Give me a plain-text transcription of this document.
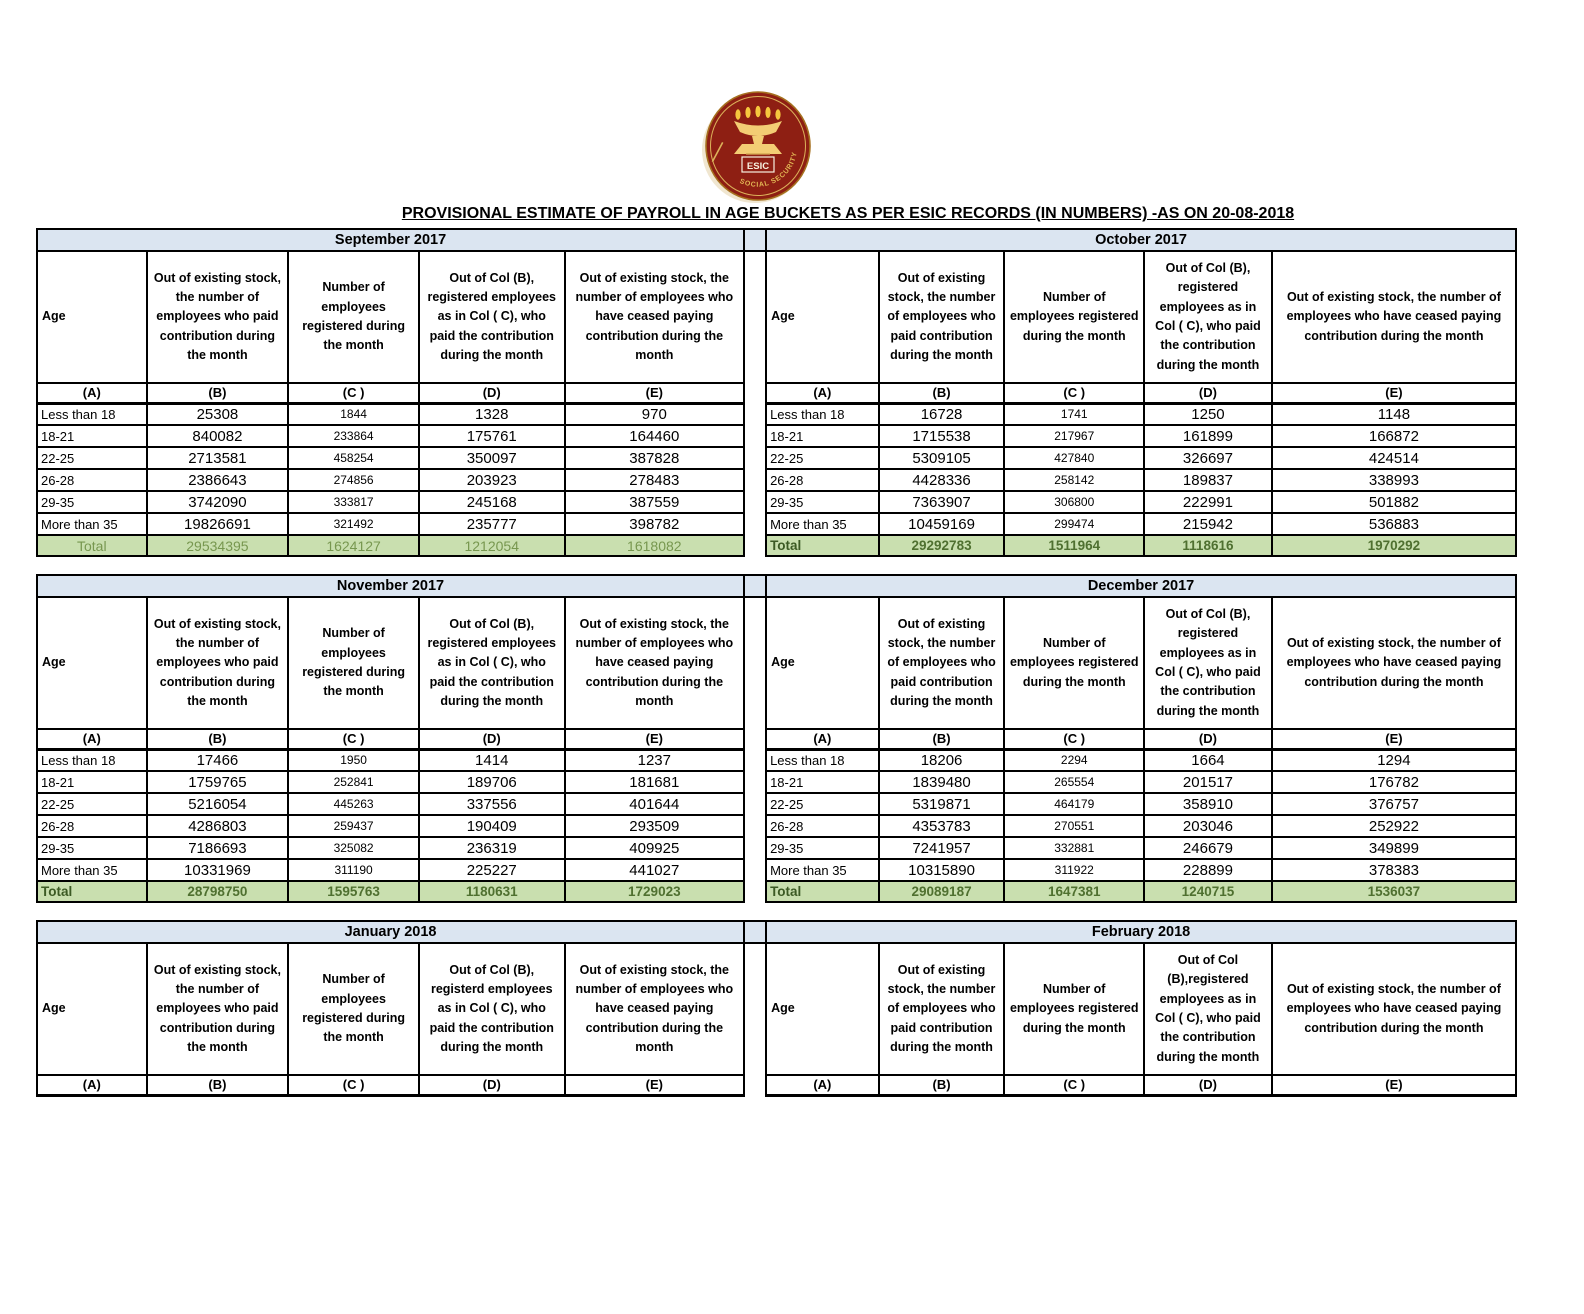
ESIC
SOCIAL SECURITY
PROVISIONAL ESTIMATE OF PAYROLL IN AGE BUCKETS AS PER ESIC RECORDS (IN NUMBERS) -AS ON 20-08-2018
September 2017				
Age	Out of existing stock, the number of employees who paid contribution during the month	Number of employees registered during the month	Out of Col (B), registered employees as in Col ( C), who paid the contribution during the month	Out of existing stock, the number of employees who have ceased paying contribution during the month
(A)	(B)	(C )	(D)	(E)
Less than 18	25308	1844	1328	970
18-21	840082	233864	175761	164460
22-25	2713581	458254	350097	387828
26-28	2386643	274856	203923	278483
29-35	3742090	333817	245168	387559
More than 35	19826691	321492	235777	398782
Total	29534395	1624127	1212054	1618082
October 2017				
Age	Out of existing stock, the number of employees who paid contribution during the month	Number of employees registered during the month	Out of Col (B), registered employees as in Col ( C), who paid the contribution during the month	Out of existing stock, the number of employees who have ceased paying contribution during the month
(A)	(B)	(C )	(D)	(E)
Less than 18	16728	1741	1250	1148
18-21	1715538	217967	161899	166872
22-25	5309105	427840	326697	424514
26-28	4428336	258142	189837	338993
29-35	7363907	306800	222991	501882
More than 35	10459169	299474	215942	536883
Total	29292783	1511964	1118616	1970292
November 2017				
Age	Out of existing stock, the number of employees who paid contribution during the month	Number of employees registered during the month	Out of Col (B), registered employees as in Col ( C), who paid the contribution during the month	Out of existing stock, the number of employees who have ceased paying contribution during the month
(A)	(B)	(C )	(D)	(E)
Less than 18	17466	1950	1414	1237
18-21	1759765	252841	189706	181681
22-25	5216054	445263	337556	401644
26-28	4286803	259437	190409	293509
29-35	7186693	325082	236319	409925
More than 35	10331969	311190	225227	441027
Total	28798750	1595763	1180631	1729023
December 2017				
Age	Out of existing stock, the number of employees who paid contribution during the month	Number of employees registered during the month	Out of Col (B), registered employees as in Col ( C), who paid the contribution during the month	Out of existing stock, the number of employees who have ceased paying contribution during the month
(A)	(B)	(C )	(D)	(E)
Less than 18	18206	2294	1664	1294
18-21	1839480	265554	201517	176782
22-25	5319871	464179	358910	376757
26-28	4353783	270551	203046	252922
29-35	7241957	332881	246679	349899
More than 35	10315890	311922	228899	378383
Total	29089187	1647381	1240715	1536037
January 2018				
Age	Out of existing stock, the number of employees who paid contribution during the month	Number of employees registered during the month	Out of Col (B), registerd employees as in Col ( C), who paid the contribution during the month	Out of existing stock, the number of employees who have ceased paying contribution during the month
(A)	(B)	(C )	(D)	(E)
February 2018				
Age	Out of existing stock, the number of employees who paid contribution during the month	Number of employees registered during the month	Out of Col (B),registered employees as in Col ( C), who paid the contribution during the month	Out of existing stock, the number of employees who have ceased paying contribution during the month
(A)	(B)	(C )	(D)	(E)
